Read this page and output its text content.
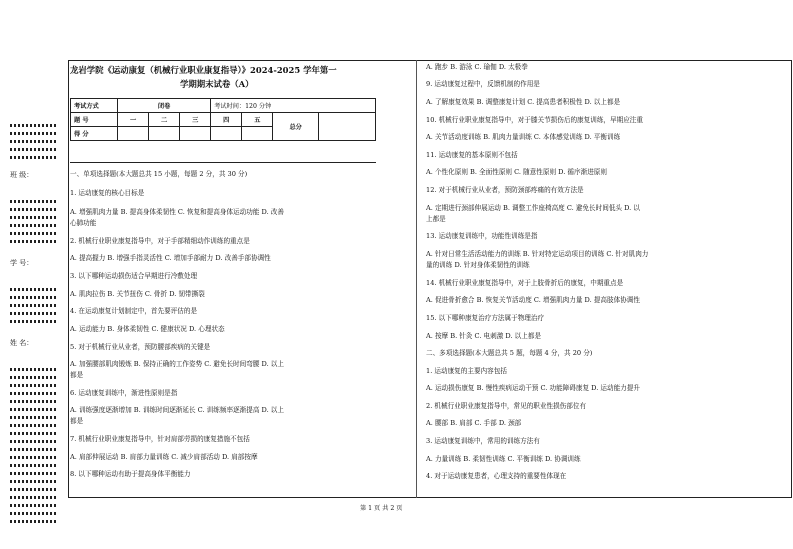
班 级：
学 号：
姓 名：
龙岩学院《运动康复（机械行业职业康复指导）》2024-2025 学年第一
学期期末试卷（A）
考试方式	闭卷			考试时间：120 分钟			
题 号	一	二	三	四	五	总分	
得 分							

一、单项选择题(本大题总共 15 小题，每题 2 分，共 30 分)

1. 运动康复的核心目标是

A. 增强肌肉力量 B. 提高身体柔韧性 C. 恢复和提高身体运动功能 D. 改善

心肺功能

2. 机械行业职业康复指导中，对于手部精细动作训练的重点是

A. 提高握力 B. 增强手指灵活性 C. 增加手部耐力 D. 改善手部协调性

3. 以下哪种运动损伤适合早期进行冷敷处理

A. 肌肉拉伤 B. 关节扭伤 C. 骨折 D. 韧带撕裂

4. 在运动康复计划制定中，首先要评估的是

A. 运动能力 B. 身体柔韧性 C. 健康状况 D. 心理状态

5. 对于机械行业从业者，预防腰部疾病的关键是

A. 加强腰部肌肉锻炼 B. 保持正确的工作姿势 C. 避免长时间弯腰 D. 以上

都是

6. 运动康复训练中，渐进性原则是指

A. 训练强度逐渐增加 B. 训练时间逐渐延长 C. 训练频率逐渐提高 D. 以上

都是

7. 机械行业职业康复指导中，针对肩部劳损的康复措施不包括

A. 肩部伸展运动 B. 肩部力量训练 C. 减少肩部活动 D. 肩部按摩

8. 以下哪种运动有助于提高身体平衡能力

A. 跑步 B. 游泳 C. 瑜伽 D. 太极拳

9. 运动康复过程中，反馈机制的作用是

A. 了解康复效果 B. 调整康复计划 C. 提高患者积极性 D. 以上都是

10. 机械行业职业康复指导中，对于膝关节损伤后的康复训练，早期应注重

A. 关节活动度训练 B. 肌肉力量训练 C. 本体感觉训练 D. 平衡训练

11. 运动康复的基本原则不包括

A. 个性化原则 B. 全面性原则 C. 随意性原则 D. 循序渐进原则

12. 对于机械行业从业者，预防颈部疼痛的有效方法是

A. 定期进行颈部伸展运动 B. 调整工作座椅高度 C. 避免长时间低头 D. 以

上都是

13. 运动康复训练中，功能性训练是指

A. 针对日常生活活动能力的训练 B. 针对特定运动项目的训练 C. 针对肌肉力

量的训练 D. 针对身体柔韧性的训练

14. 机械行业职业康复指导中，对于上肢骨折后的康复，中期重点是

A. 促进骨折愈合 B. 恢复关节活动度 C. 增强肌肉力量 D. 提高肢体协调性

15. 以下哪种康复治疗方法属于物理治疗

A. 按摩 B. 针灸 C. 电刺激 D. 以上都是

二、多项选择题(本大题总共 5 题，每题 4 分，共 20 分)

1. 运动康复的主要内容包括

A. 运动损伤康复 B. 慢性疾病运动干预 C. 功能障碍康复 D. 运动能力提升

2. 机械行业职业康复指导中，常见的职业性损伤部位有

A. 腰部 B. 肩部 C. 手部 D. 颈部

3. 运动康复训练中，常用的训练方法有

A. 力量训练 B. 柔韧性训练 C. 平衡训练 D. 协调训练

4. 对于运动康复患者，心理支持的重要性体现在

第 1 页 共 2 页
